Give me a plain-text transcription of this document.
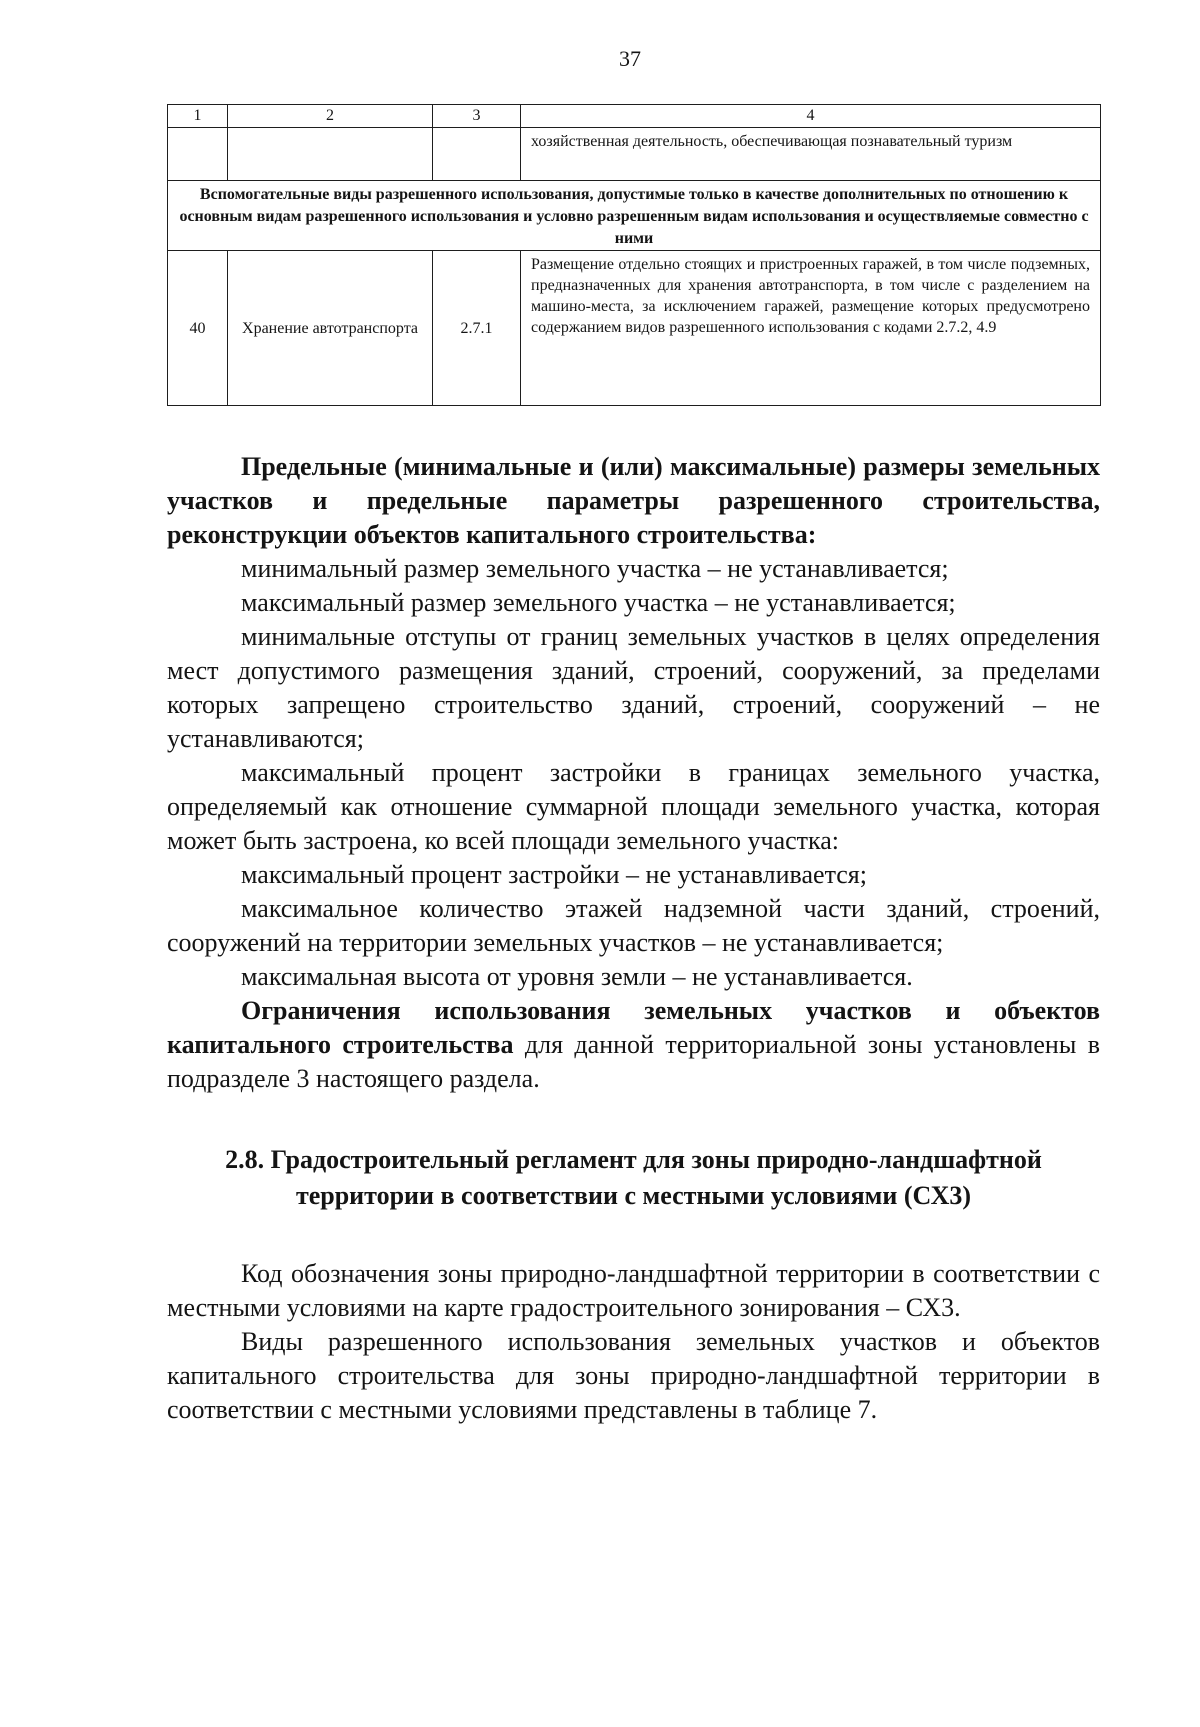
37
1	2	3	4
			хозяйственная деятельность, обеспечивающая познавательный туризм
Вспомогательные виды разрешенного использования, допустимые только в качестве дополнительных по отношению к основным видам разрешенного использования и условно разрешенным видам использования и осуществляемые совместно с ними			
40	Хранение автотранспорта	2.7.1	Размещение отдельно стоящих и пристроенных гаражей, в том числе подземных, предназначенных для хранения автотранспорта, в том числе с разделением на машино-места, за исключением гаражей, размещение которых предусмотрено содержанием видов разрешенного использования с кодами 2.7.2, 4.9

Предельные (минимальные и (или) максимальные) размеры земельных участков и предельные параметры разрешенного строительства, реконструкции объектов капитального строительства:

минимальный размер земельного участка – не устанавливается;

максимальный размер земельного участка – не устанавливается;

минимальные отступы от границ земельных участков в целях определения мест допустимого размещения зданий, строений, сооружений, за пределами которых запрещено строительство зданий, строений, сооружений – не устанавливаются;

максимальный процент застройки в границах земельного участка, определяемый как отношение суммарной площади земельного участка, которая может быть застроена, ко всей площади земельного участка:

максимальный процент застройки – не устанавливается;

максимальное количество этажей надземной части зданий, строений, сооружений на территории земельных участков – не устанавливается;

максимальная высота от уровня земли – не устанавливается.

Ограничения использования земельных участков и объектов капитального строительства для данной территориальной зоны установлены в подразделе 3 настоящего раздела.

2.8. Градостроительный регламент для зоны природно-ландшафтной
территории в соответствии с местными условиями (СХ3)

Код обозначения зоны природно-ландшафтной территории в соответствии с местными условиями на карте градостроительного зонирования – СХ3.

Виды разрешенного использования земельных участков и объектов капитального строительства для зоны природно-ландшафтной территории в соответствии с местными условиями представлены в таблице 7.
